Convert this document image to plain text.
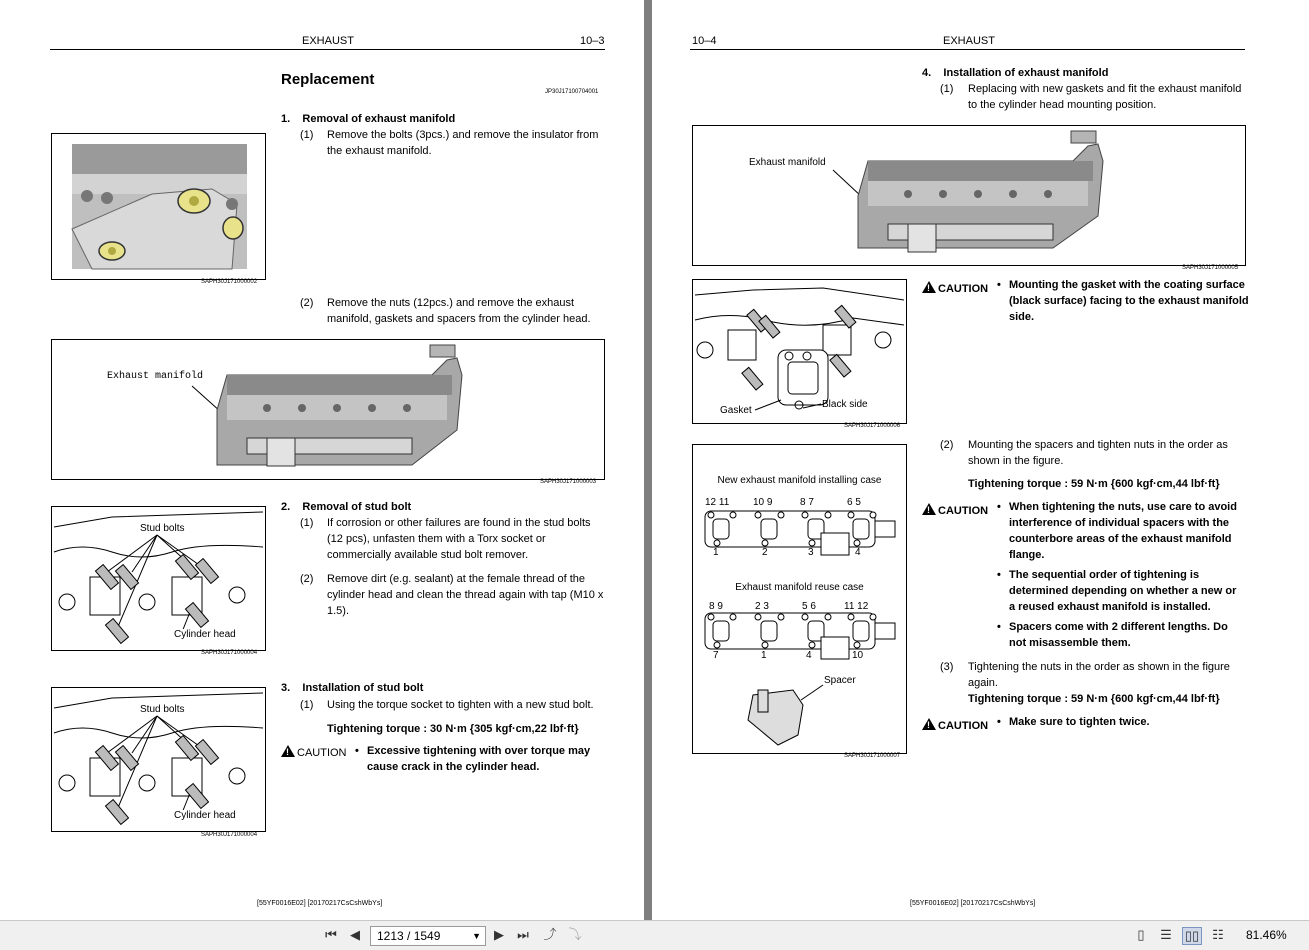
EXHAUST	10–3
Replacement
JP30J17100704001
1.    Removal of exhaust manifold
(1) Remove the bolts (3pcs.) and remove the insulator from the exhaust manifold.
SAPH30J171000002
(2) Remove the nuts (12pcs.) and remove the exhaust manifold, gaskets and spacers from the cylinder head.
Exhaust manifold
SAPH30J171000003
2.    Removal of stud bolt
(1) If corrosion or other failures are found in the stud bolts (12 pcs), unfasten them with a Torx socket or commercially available stud bolt remover.
(2) Remove dirt (e.g. sealant) at the female thread of the cylinder head and clean the thread again with tap (M10 x 1.5).
Stud bolts
Cylinder head
SAPH30J171000004
3.    Installation of stud bolt
(1) Using the torque socket to tighten with a new stud bolt.
Tightening torque : 30 N·m {305 kgf·cm,22 lbf·ft}
!CAUTION • Excessive tightening with over torque may cause crack in the cylinder head.
Stud bolts
Cylinder head
SAPH30J171000004
[55YF0016E02] [20170217CsCshWbYs]
10–4	EXHAUST
4.    Installation of exhaust manifold
(1) Replacing with new gaskets and fit the exhaust manifold to the cylinder head mounting position.
Exhaust manifold
SAPH30J171000005
Gasket
Black side
SAPH30J171000006
!CAUTION • Mounting the gasket with the coating surface (black surface) facing to the exhaust manifold side.
New exhaust manifold installing case
12 11 10 9	8 7	6 5
1	2	3	4
Exhaust manifold reuse case
8 9	2 3	5 6	11 12
7	1	4	10
Spacer
SAPH30J171000007
(2) Mounting the spacers and tighten nuts in the order as shown in the figure.
Tightening torque : 59 N·m {600 kgf·cm,44 lbf·ft}
!CAUTION • When tightening the nuts, use care to avoid interference of individual spacers with the counterbore areas of the exhaust manifold flange.
• The sequential order of tightening is determined depending on whether a new or a reused exhaust manifold is installed.
• Spacers come with 2 different lengths. Do not misassemble them.
(3) Tightening the nuts in the order as shown in the figure again.
Tightening torque : 59 N·m {600 kgf·cm,44 lbf·ft}
!CAUTION • Make sure to tighten twice.
[55YF0016E02] [20170217CsCshWbYs]
⏮	◀	1213 / 1549	▼	▶	⏭ ⤴ ⤵	▯	☰ ▯▯ ☷ 81.46%
